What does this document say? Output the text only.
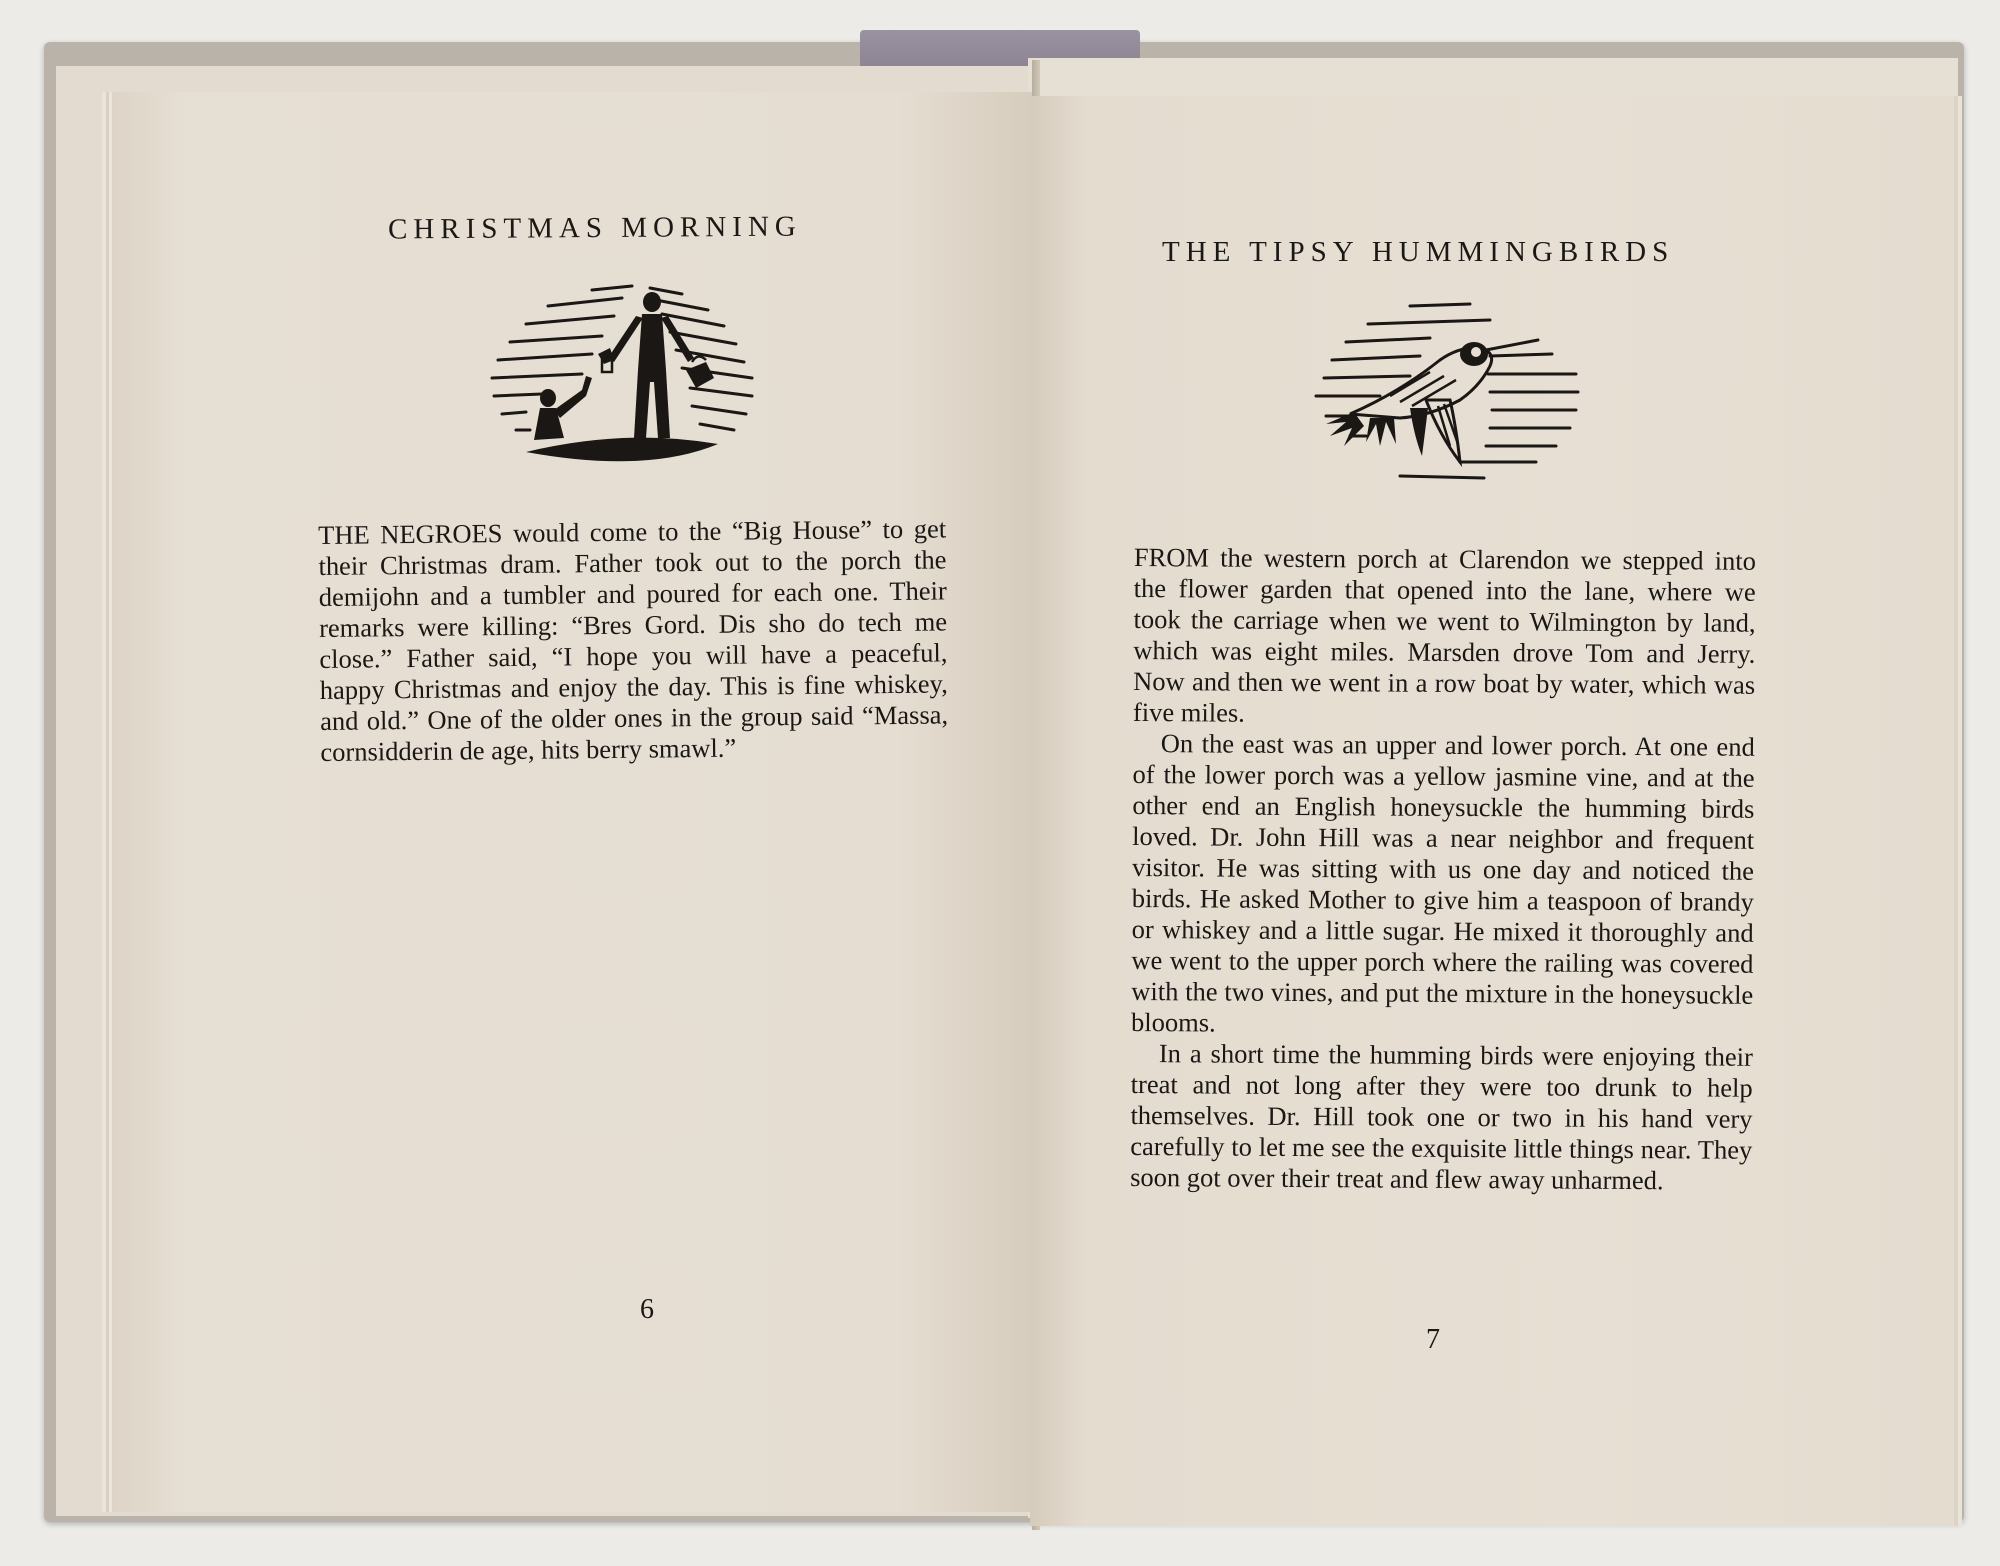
CHRISTMAS MORNING

THE NEGROES would come to the “Big House” to get their Christmas dram. Father took out to the porch the demijohn and a tumbler and poured for each one. Their remarks were killing: “Bres Gord. Dis sho do tech me close.” Father said, “I hope you will have a peaceful, happy Christmas and enjoy the day. This is fine whiskey, and old.” One of the older ones in the group said “Massa, cornsidderin de age, hits berry smawl.”

6
THE TIPSY HUMMINGBIRDS

FROM the western porch at Clarendon we stepped into the flower garden that opened into the lane, where we took the carriage when we went to Wilmington by land, which was eight miles. Marsden drove Tom and Jerry. Now and then we went in a row boat by water, which was five miles.

On the east was an upper and lower porch. At one end of the lower porch was a yellow jasmine vine, and at the other end an English honeysuckle the humming birds loved. Dr. John Hill was a near neighbor and frequent visitor. He was sitting with us one day and noticed the birds. He asked Mother to give him a teaspoon of brandy or whiskey and a little sugar. He mixed it thoroughly and we went to the upper porch where the railing was covered with the two vines, and put the mixture in the honeysuckle blooms.

In a short time the humming birds were enjoying their treat and not long after they were too drunk to help themselves. Dr. Hill took one or two in his hand very carefully to let me see the exquisite little things near. They soon got over their treat and flew away unharmed.

7
